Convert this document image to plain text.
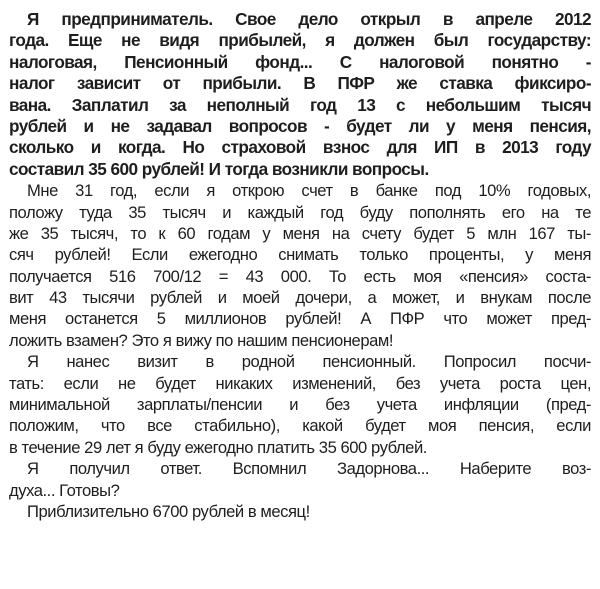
Я предприниматель. Свое дело открыл в апреле 2012
года. Еще не видя прибылей, я должен был государству:
налоговая, Пенсионный фонд... С налоговой понятно -
налог зависит от прибыли. В ПФР же ставка фиксиро-
вана. Заплатил за неполный год 13 с небольшим тысяч
рублей и не задавал вопросов - будет ли у меня пенсия,
сколько и когда. Но страховой взнос для ИП в 2013 году
составил 35 600 рублей! И тогда возникли вопросы.
Мне 31 год, если я открою счет в банке под 10% годовых,
положу туда 35 тысяч и каждый год буду пополнять его на те
же 35 тысяч, то к 60 годам у меня на счету будет 5 млн 167 ты-
сяч рублей! Если ежегодно снимать только проценты, у меня
получается 516 700/12 = 43 000. То есть моя «пенсия» соста-
вит 43 тысячи рублей и моей дочери, а может, и внукам после
меня останется 5 миллионов рублей! А ПФР что может пред-
ложить взамен? Это я вижу по нашим пенсионерам!
Я нанес визит в родной пенсионный. Попросил посчи-
тать: если не будет никаких изменений, без учета роста цен,
минимальной зарплаты/пенсии и без учета инфляции (пред-
положим, что все стабильно), какой будет моя пенсия, если
в течение 29 лет я буду ежегодно платить 35 600 рублей.
Я получил ответ. Вспомнил Задорнова... Наберите воз-
духа... Готовы?
Приблизительно 6700 рублей в месяц!
